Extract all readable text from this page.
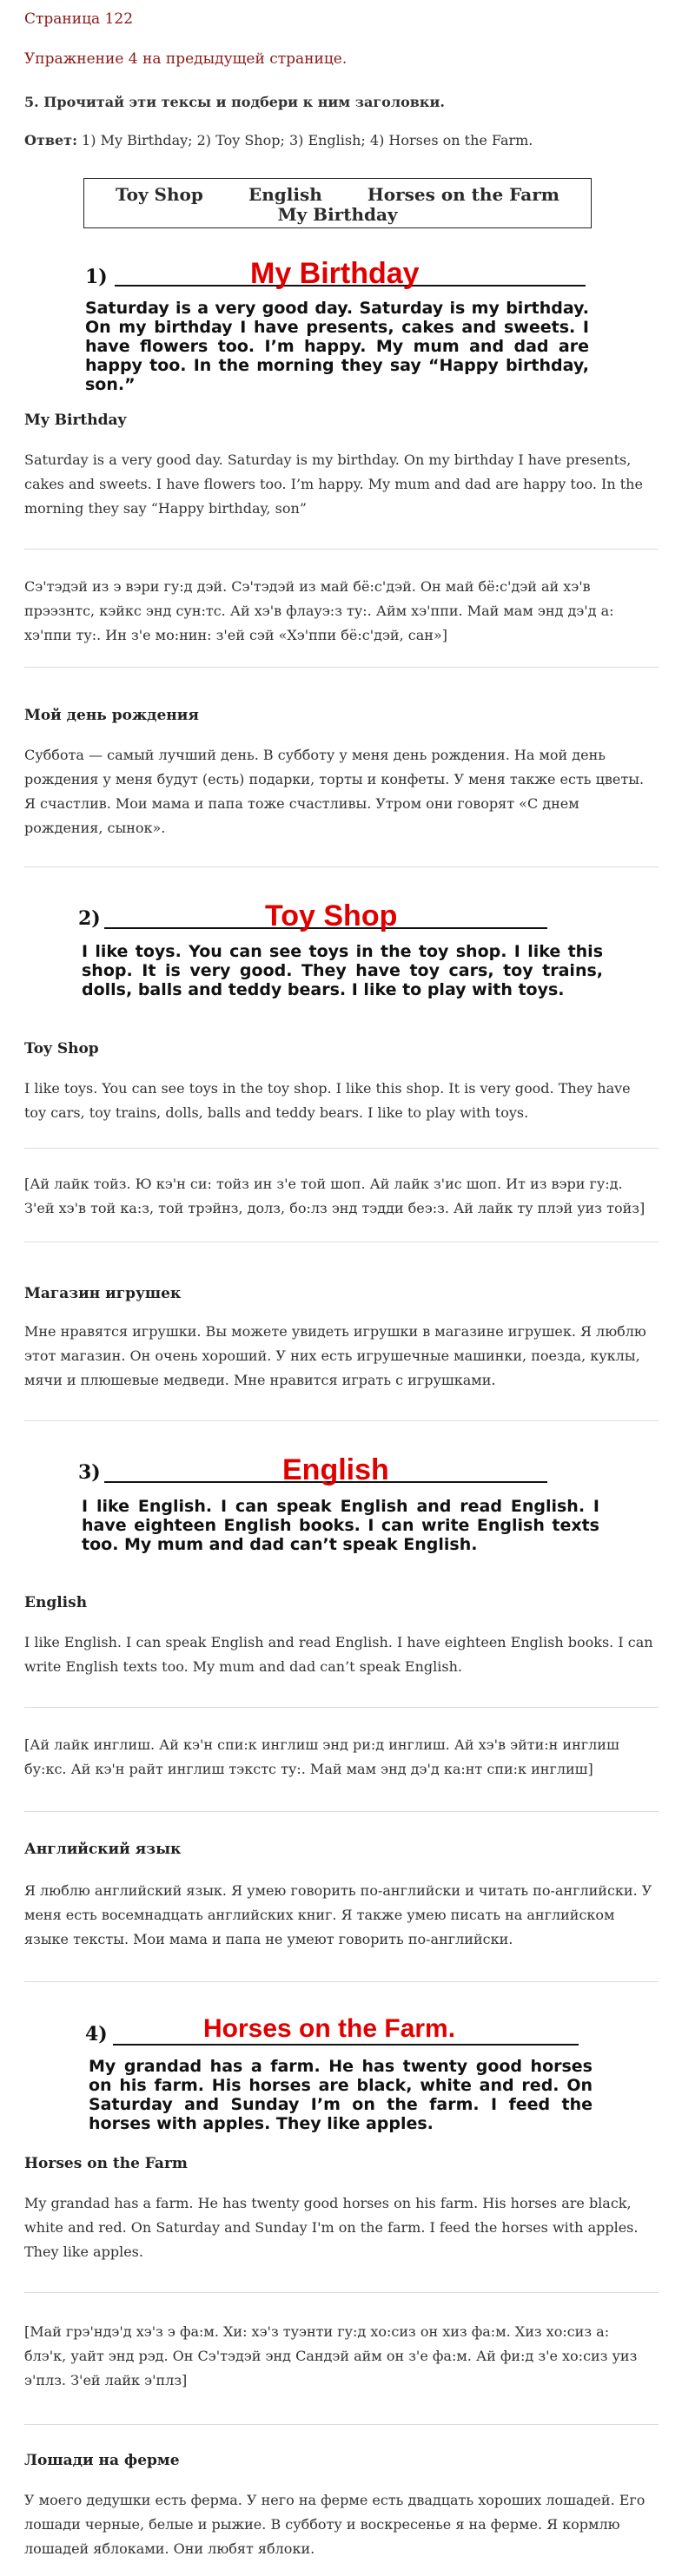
Страница 122
Упражнение 4 на предыдущей странице.
5. Прочитай эти тексы и подбери к ним заголовки.
Ответ: 1) My Birthday; 2) Toy Shop; 3) English; 4) Horses on the Farm.
Toy Shop	English	Horses on the Farm
My Birthday
1)	My Birthday
Saturday is a very good day. Saturday is my birthday. On my birthday I have presents, cakes and sweets. I have flowers too. I’m happy. My mum and dad are happy too. In the morning they say “Happy birthday, son.”
My Birthday
Saturday is a very good day. Saturday is my birthday. On my birthday I have presents, cakes and sweets. I have flowers too. I’m happy. My mum and dad are happy too. In the morning they say “Happy birthday, son”
Сэ'тэдэй из э вэри гу:д дэй. Сэ'тэдэй из май бё:с'дэй. Он май бё:с'дэй ай хэ'в прээзнтс, кэйкс энд сун:тс. Ай хэ'в флауэ:з ту:. Айм хэ'ппи. Май мам энд дэ'д а: хэ'ппи ту:. Ин з'е мо:нин: з'ей сэй «Хэ'ппи бё:с'дэй, сан»]
Мой день рождения
Суббота — самый лучший день. В субботу у меня день рождения. На мой день рождения у меня будут (есть) подарки, торты и конфеты. У меня также есть цветы. Я счастлив. Мои мама и папа тоже счастливы. Утром они говорят «С днем рождения, сынок».
2)	Toy Shop
I like toys. You can see toys in the toy shop. I like this shop. It is very good. They have toy cars, toy trains, dolls, balls and teddy bears. I like to play with toys.
Toy Shop
I like toys. You can see toys in the toy shop. I like this shop. It is very good. They have toy cars, toy trains, dolls, balls and teddy bears. I like to play with toys.
[Ай лайк тойз. Ю кэ'н си: тойз ин з'е той шоп. Ай лайк з'ис шоп. Ит из вэри гу:д. З'ей хэ'в той ка:з, той трэйнз, долз, бо:лз энд тэдди беэ:з. Ай лайк ту плэй уиз тойз]
Магазин игрушек
Мне нравятся игрушки. Вы можете увидеть игрушки в магазине игрушек. Я люблю этот магазин. Он очень хороший. У них есть игрушечные машинки, поезда, куклы, мячи и плюшевые медведи. Мне нравится играть с игрушками.
3)	English
I like English. I can speak English and read English. I have eighteen English books. I can write English texts too. My mum and dad can’t speak English.
English
I like English. I can speak English and read English. I have eighteen English books. I can write English texts too. My mum and dad can’t speak English.
[Ай лайк инглиш. Ай кэ'н спи:к инглиш энд ри:д инглиш. Ай хэ'в эйти:н инглиш бу:кс. Ай кэ'н райт инглиш тэкстс ту:. Май мам энд дэ'д ка:нт спи:к инглиш]
Английский язык
Я люблю английский язык. Я умею говорить по-английски и читать по-английски. У меня есть восемнадцать английских книг. Я также умею писать на английском языке тексты. Мои мама и папа не умеют говорить по-английски.
4)	Horses on the Farm.
My grandad has a farm. He has twenty good horses on his farm. His horses are black, white and red. On Saturday and Sunday I’m on the farm. I feed the horses with apples. They like apples.
Horses on the Farm
My grandad has a farm. He has twenty good horses on his farm. His horses are black, white and red. On Saturday and Sunday I'm on the farm. I feed the horses with apples. They like apples.
[Май грэ'ндэ'д хэ'з э фа:м. Хи: хэ'з туэнти гу:д хо:сиз он хиз фа:м. Хиз хо:сиз а: блэ'к, уайт энд рэд. Он Сэ'тэдэй энд Сандэй айм он з'е фа:м. Ай фи:д з'е хо:сиз уиз э'плз. З'ей лайк э'плз]
Лошади на ферме
У моего дедушки есть ферма. У него на ферме есть двадцать хороших лошадей. Его лошади черные, белые и рыжие. В субботу и воскресенье я на ферме. Я кормлю лошадей яблоками. Они любят яблоки.
